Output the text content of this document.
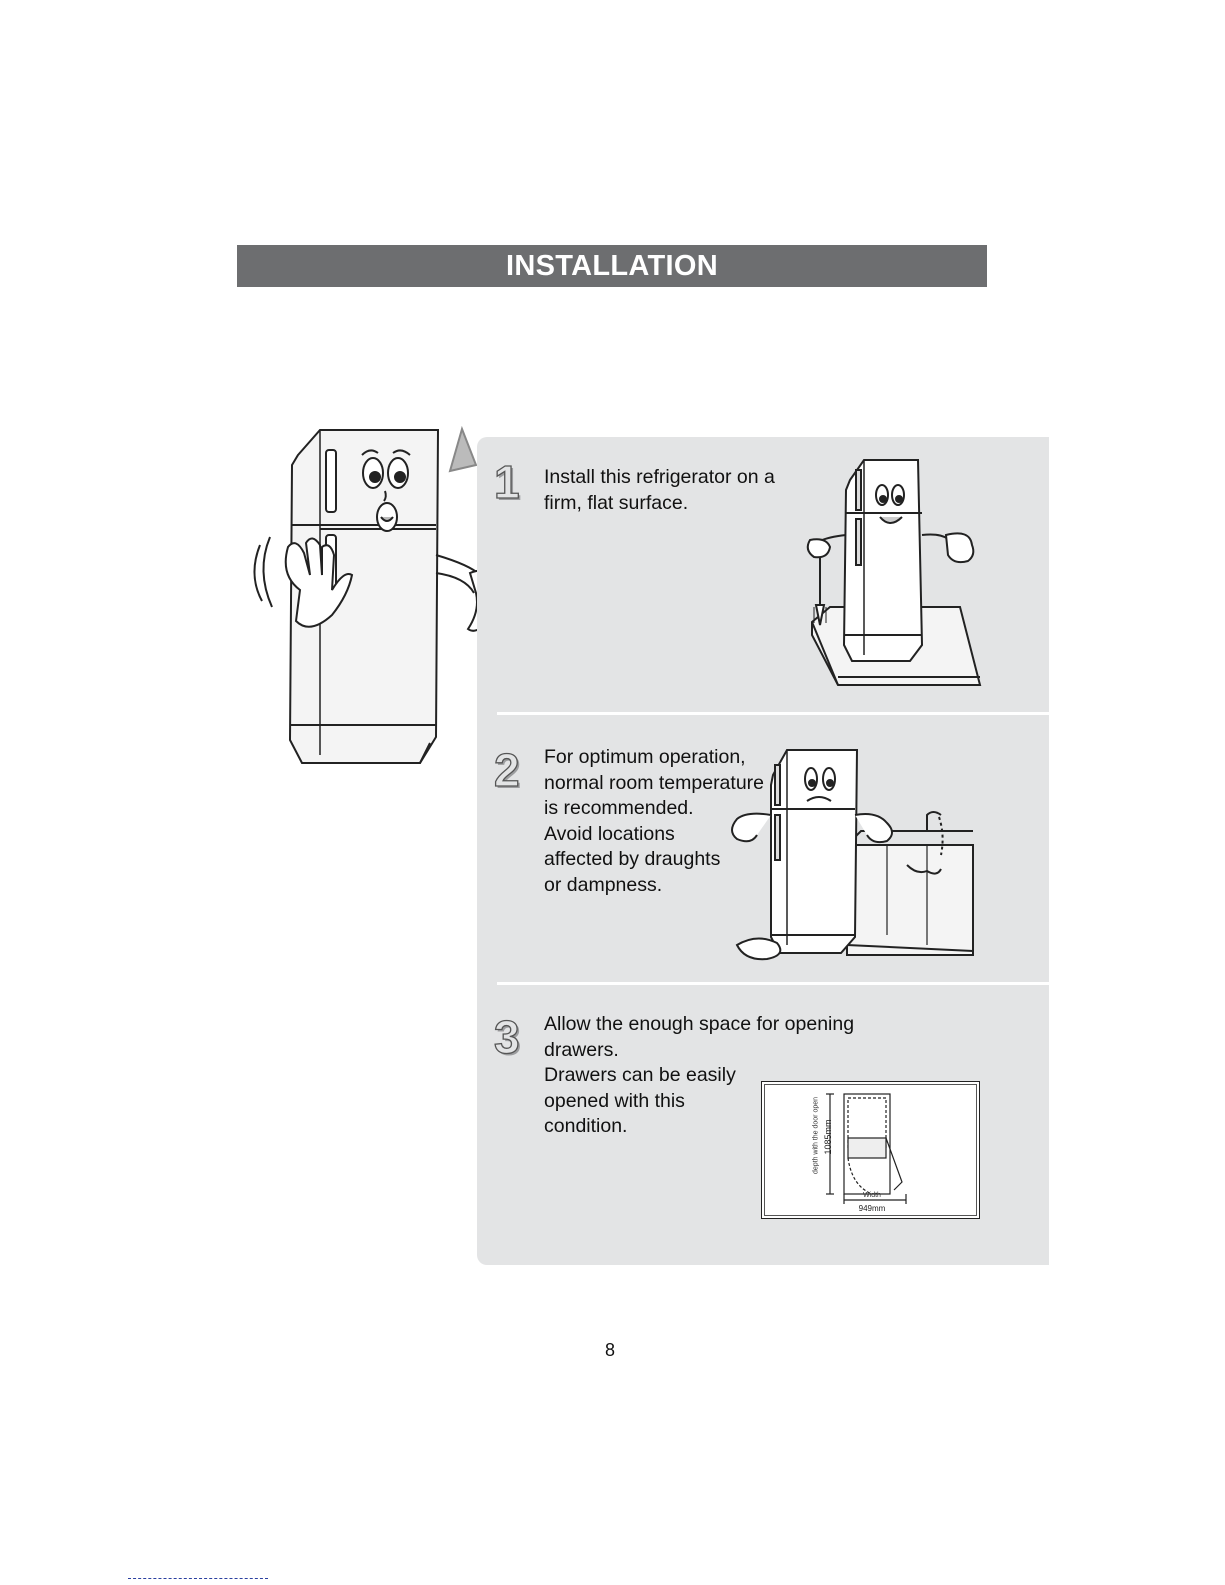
INSTALLATION
1 Install this refrigerator on a
firm, flat surface.
2 For optimum operation,
normal room temperature
is recommended.
Avoid locations
affected by draughts
or dampness.
3 Allow the enough space for opening
drawers.
Drawers can be easily
opened with this
condition.	depth with the door open 1085mm
Width
949mm
8
